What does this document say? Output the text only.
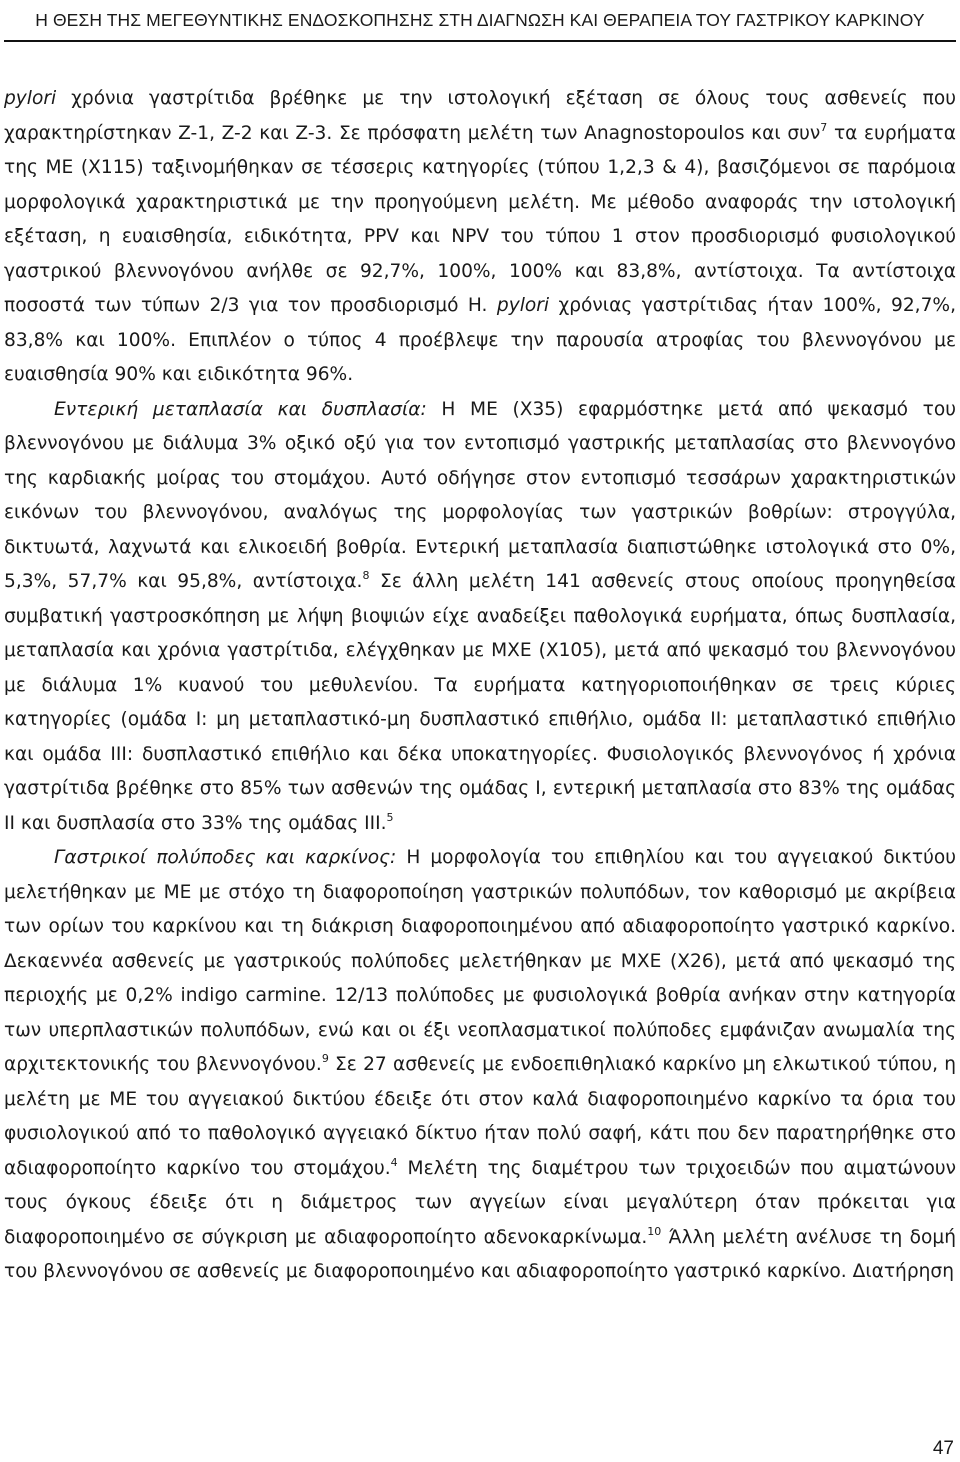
Η ΘΕΣΗ ΤΗΣ ΜΕΓΕΘΥΝΤΙΚΗΣ ΕΝΔΟΣΚΟΠΗΣΗΣ ΣΤΗ ΔΙΑΓΝΩΣΗ ΚΑΙ ΘΕΡΑΠΕΙΑ ΤΟΥ ΓΑΣΤΡΙΚΟΥ ΚΑΡΚΙΝΟΥ

pylori χρόνια γαστρίτιδα βρέθηκε με την ιστολογική εξέταση σε όλους τους ασθενείς που χαρακτηρίστηκαν Z-1, Z-2 και Z-3. Σε πρόσφατη μελέτη των Anagnostopoulos και συν$^7$ τα ευρήματα της ΜΕ (Χ115) ταξινομήθηκαν σε τέσσερις κατηγορίες (τύπου 1,2,3 & 4), βασιζόμενοι σε παρόμοια μορφολογικά χαρακτηριστικά με την προηγούμενη μελέτη. Με μέθοδο αναφοράς την ιστολογική εξέταση, η ευαισθησία, ειδικότητα, PPV και NPV του τύπου 1 στον προσδιορισμό φυσιολογικού γαστρικού βλεννογόνου ανήλθε σε 92,7%, 100%, 100% και 83,8%, αντίστοιχα. Τα αντίστοιχα ποσοστά των τύπων 2/3 για τον προσδιορισμό H. pylori χρόνιας γαστρίτιδας ήταν 100%, 92,7%, 83,8% και 100%. Επιπλέον ο τύπος 4 προέβλεψε την παρουσία ατροφίας του βλεννογόνου με ευαισθησία 90% και ειδικότητα 96%.

Εντερική μεταπλασία και δυσπλασία: Η ΜΕ (Χ35) εφαρμόστηκε μετά από ψεκασμό του βλεννογόνου με διάλυμα 3% οξικό οξύ για τον εντοπισμό γαστρικής μεταπλασίας στο βλεννογόνο της καρδιακής μοίρας του στομάχου. Αυτό οδήγησε στον εντοπισμό τεσσάρων χαρακτηριστικών εικόνων του βλεννογόνου, αναλόγως της μορφολογίας των γαστρικών βοθρίων: στρογγύλα, δικτυωτά, λαχνωτά και ελικοειδή βοθρία. Εντερική μεταπλασία διαπιστώθηκε ιστολογικά στο 0%, 5,3%, 57,7% και 95,8%, αντίστοιχα.$^8$ Σε άλλη μελέτη 141 ασθενείς στους οποίους προηγηθείσα συμβατική γαστροσκόπηση με λήψη βιοψιών είχε αναδείξει παθολογικά ευρήματα, όπως δυσπλασία, μεταπλασία και χρόνια γαστρίτιδα, ελέγχθηκαν με ΜΧΕ (Χ105), μετά από ψεκασμό του βλεννογόνου με διάλυμα 1% κυανού του μεθυλενίου. Τα ευρήματα κατηγοριοποιήθηκαν σε τρεις κύριες κατηγορίες (ομάδα I: μη μεταπλαστικό-μη δυσπλαστικό επιθήλιο, ομάδα II: μεταπλαστικό επιθήλιο και ομάδα III: δυσπλαστικό επιθήλιο και δέκα υποκατηγορίες. Φυσιολογικός βλεννογόνος ή χρόνια γαστρίτιδα βρέθηκε στο 85% των ασθενών της ομάδας I, εντερική μεταπλασία στο 83% της ομάδας II και δυσπλασία στο 33% της ομάδας III.$^5$

Γαστρικοί πολύποδες και καρκίνος: Η μορφολογία του επιθηλίου και του αγγειακού δικτύου μελετήθηκαν με ΜΕ με στόχο τη διαφοροποίηση γαστρικών πολυπόδων, τον καθορισμό με ακρίβεια των ορίων του καρκίνου και τη διάκριση διαφοροποιημένου από αδιαφοροποίητο γαστρικό καρκίνο. Δεκαεννέα ασθενείς με γαστρικούς πολύποδες μελετήθηκαν με ΜΧΕ (Χ26), μετά από ψεκασμό της περιοχής με 0,2% indigo carmine. 12/13 πολύποδες με φυσιολογικά βοθρία ανήκαν στην κατηγορία των υπερπλαστικών πολυπόδων, ενώ και οι έξι νεοπλασματικοί πολύποδες εμφάνιζαν ανωμαλία της αρχιτεκτονικής του βλεννογόνου.$^9$ Σε 27 ασθενείς με ενδοεπιθηλιακό καρκίνο μη ελκωτικού τύπου, η μελέτη με ΜΕ του αγγειακού δικτύου έδειξε ότι στον καλά διαφοροποιημένο καρκίνο τα όρια του φυσιολογικού από το παθολογικό αγγειακό δίκτυο ήταν πολύ σαφή, κάτι που δεν παρατηρήθηκε στο αδιαφοροποίητο καρκίνο του στομάχου.$^4$ Μελέτη της διαμέτρου των τριχοειδών που αιματώνουν τους όγκους έδειξε ότι η διάμετρος των αγγείων είναι μεγαλύτερη όταν πρόκειται για διαφοροποιημένο σε σύγκριση με αδιαφοροποίητο αδενοκαρκίνωμα.$^{10}$ Άλλη μελέτη ανέλυσε τη δομή του βλεννογόνου σε ασθενείς με διαφοροποιημένο και αδιαφοροποίητο γαστρικό καρκίνο. Διατήρηση

47
